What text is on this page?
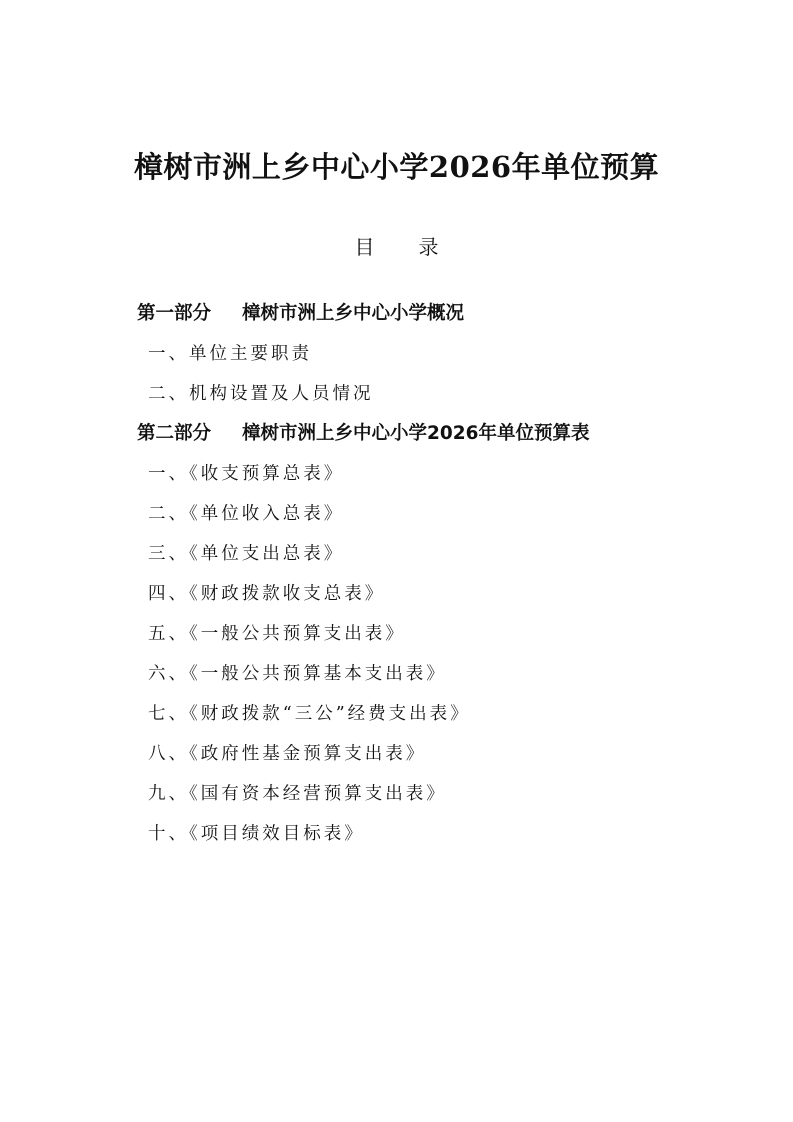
樟树市洲上乡中心小学2026年单位预算
目 录
第一部分 樟树市洲上乡中心小学概况
一、单位主要职责
二、机构设置及人员情况
第二部分 樟树市洲上乡中心小学2026年单位预算表
一、《收支预算总表》
二、《单位收入总表》
三、《单位支出总表》
四、《财政拨款收支总表》
五、《一般公共预算支出表》
六、《一般公共预算基本支出表》
七、《财政拨款“三公”经费支出表》
八、《政府性基金预算支出表》
九、《国有资本经营预算支出表》
十、《项目绩效目标表》
